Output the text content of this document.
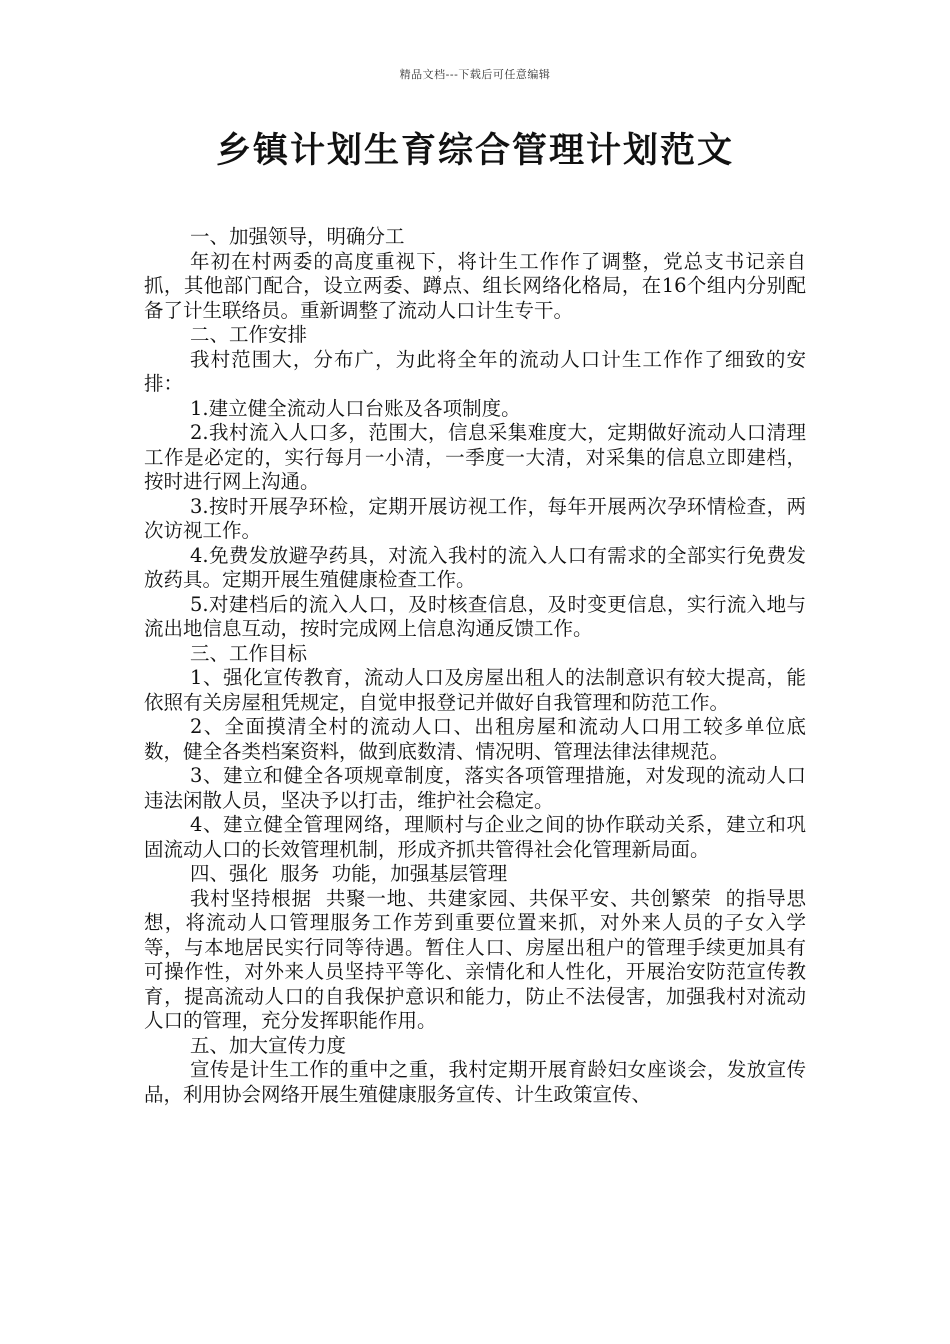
精品文档---下载后可任意编辑
乡镇计划生育综合管理计划范文

一、加强领导，明确分工

年初在村两委的高度重视下，将计生工作作了调整，党总支书记亲自抓，其他部门配合，设立两委、蹲点、组长网络化格局，在16个组内分别配备了计生联络员。重新调整了流动人口计生专干。

二、工作安排

我村范围大，分布广，为此将全年的流动人口计生工作作了细致的安排：

1.建立健全流动人口台账及各项制度。

2.我村流入人口多，范围大，信息采集难度大，定期做好流动人口清理工作是必定的，实行每月一小清，一季度一大清，对采集的信息立即建档，按时进行网上沟通。

3.按时开展孕环检，定期开展访视工作，每年开展两次孕环情检查，两次访视工作。

4.免费发放避孕药具，对流入我村的流入人口有需求的全部实行免费发放药具。定期开展生殖健康检查工作。

5.对建档后的流入人口，及时核查信息，及时变更信息，实行流入地与流出地信息互动，按时完成网上信息沟通反馈工作。

三、工作目标

1、强化宣传教育，流动人口及房屋出租人的法制意识有较大提高，能依照有关房屋租凭规定，自觉申报登记并做好自我管理和防范工作。

2、全面摸清全村的流动人口、出租房屋和流动人口用工较多单位底数，健全各类档案资料，做到底数清、情况明、管理法律法律规范。

3、建立和健全各项规章制度，落实各项管理措施，对发现的流动人口违法闲散人员，坚决予以打击，维护社会稳定。

4、建立健全管理网络，理顺村与企业之间的协作联动关系，建立和巩固流动人口的长效管理机制，形成齐抓共管得社会化管理新局面。

四、强化  服务  功能，加强基层管理

我村坚持根据  共聚一地、共建家园、共保平安、共创繁荣  的指导思想，将流动人口管理服务工作芳到重要位置来抓，对外来人员的子女入学等，与本地居民实行同等待遇。暂住人口、房屋出租户的管理手续更加具有可操作性，对外来人员坚持平等化、亲情化和人性化，开展治安防范宣传教育，提高流动人口的自我保护意识和能力，防止不法侵害，加强我村对流动人口的管理，充分发挥职能作用。

五、加大宣传力度

宣传是计生工作的重中之重，我村定期开展育龄妇女座谈会，发放宣传品，利用协会网络开展生殖健康服务宣传、计生政策宣传、
